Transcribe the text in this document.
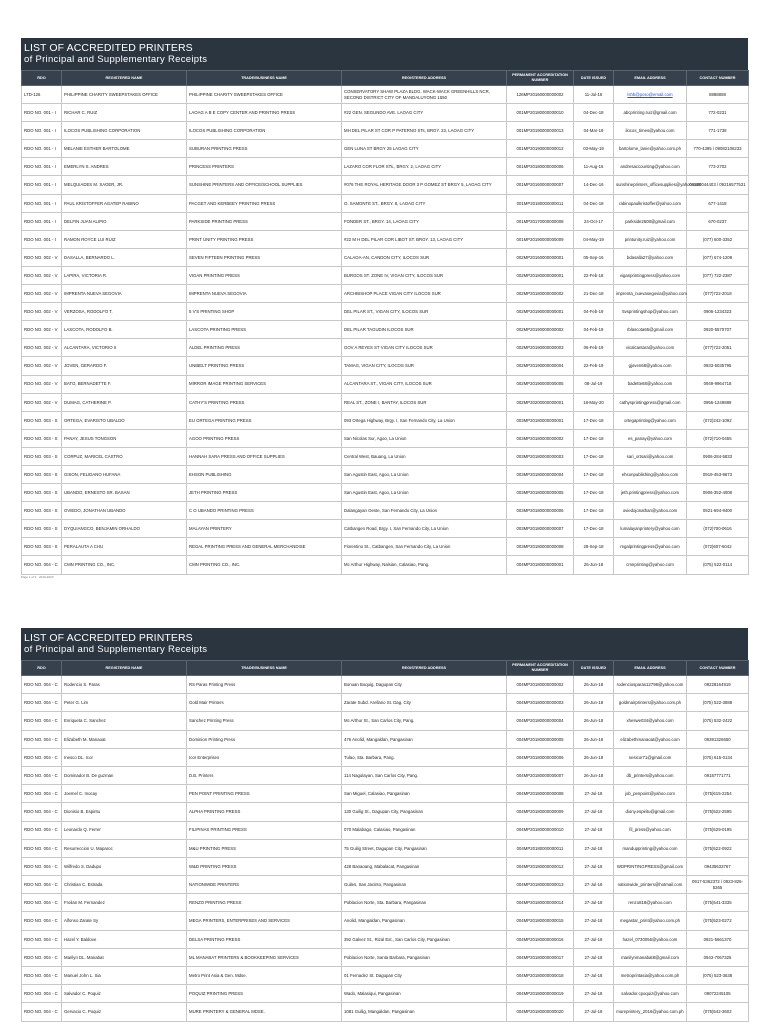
Page 1 of 3 · 2019-2020
LIST OF ACCREDITED PRINTERS
of Principal and Supplementary Receipts
RDO	REGISTERED NAME	TRADE/BUSINESS NAME	REGISTERED ADDRESS	PERMANENT ACCREDITATION NUMBER	DATE ISSUED	EMAIL ADDRESS	CONTACT NUMBER
LTD-126	PHILIPPINE CHARITY SWEEPSTAKES OFFICE	PHILIPPINE CHARITY SWEEPSTAKES OFFICE	CONSERVATORY SHAW PLAZA BLDG. WACK-WACK GREENHILLS NCR, SECOND DISTRICT CITY OF MANDALUYONG 1550	126MP20160000000002	11-Jul-16	lshb@pcso@email.com	8888888
RDO NO. 001 - I	RICHAR C. RUIZ	LAOAG A B E COPY CENTER AND PRINTING PRESS	#22 GEN. SEGUNDO AVE. LAOAG CITY	001MP20180000000010	04-Dec-18	abcprinting.ruiz@gmail.com	772-0231
RDO NO. 001 - I	ILOCOS PUBLISHING CORPORATION	ILOCOS PUBLISHING CORPORATION	MH DEL PILAR ST COR P PATERNO STs, BRGY. 23, LAOAG CITY	001MP20190000000013	04-Mar-19	ilocos_times@yahoo.com	771-1738
RDO NO. 001 - I	MELANIE ESTHER BARTOLOME	SUBURAN PRINTING PRESS	GEN LUNA ST BRGY 25 LAOAG CITY	001MP20190000000012	03-May-19	bartolome_lanie@yahoo.com.ph	770-4395 / 09082106233
RDO NO. 001 - I	EMERLYN S. ANDRES	PRINCESS PRINTERS	LAZARO COR FLOR STs., BRGY. 2, LAOAG CITY	001MP20180000000006	11-Aug-16	andresaccounting@yahoo.com	773-2702
RDO NO. 001 - I	MELQUIADES M. SAGER, JR.	SUNSHINE PRINTERS AND OFFICE/SCHOOL SUPPLIES	#076 THE ROYAL HERITAGE DOOR 3 P GOMEZ ST BRGY 5, LAOAG CITY	001MP20160000000007	14-Dec-16	sunshineprinters_officesupplies@yahoo.com	09950044403 / 09216577531
RDO NO. 001 - I	PAUL KRISTOFFER AGATEP RABINO	PACGET AND KERBEEY PRINTING PRESS	O. SAMONTE ST., BRGY. 8, LAOAG CITY	001MP20180000000011	04-Dec-18	rabinopaulkristoffer@yahoo.com	677-1418
RDO NO. 001 - I	DELFIN JUAN ALIPIO	PARKSIDE PRINTING PRESS	FONDER ST., BRGY. 14, LAOAG CITY	001MP20170000000008	24-Oct-17	parkside2608@gmail.com	670-0237
RDO NO. 001 - I	RAMON ROYCE LUI RUIZ	PRINT UNITY PRINTING PRESS	#22 M H DEL PILAR COR LIBOT ST. BRGY. 13, LAOAG CITY	001MP20190000000009	04-May-19	printunity.ruiz@yahoo.com	(077) 600-3352
RDO NO. 002 - V	DASALLA, BERNARDO L.	SEVEN FIFTEEN PRINTING PRESS	CALAOA-AN, CANDON CITY, ILOCOS SUR	002MP20160000000001	05-Sep-16	bdasalla27@yahoo.com	(077) 674-1209
RDO NO. 002 - V	LAPIRA, VICTORIA R.	VIGAN PRINTING PRESS	BURGOS ST. ZONE IV, VIGAN CITY, ILOCOS SUR	002MP20180000000001	22-Feb-18	viganprintingpress@yahoo.com	(077) 722-2387
RDO NO. 002 - V	IMPRENTA NUEVA SEGOVIA	IMPRENTA NUEVA SEGOVIA	ARCHBISHOP PLACE VIGAN CITY ILOCOS SUR	002MP20180000000002	21-Dec-18	imprenta_nuevasegovia@yahoo.com	(077)722-2018
RDO NO. 002 - V	VERZOSA, RODOLFO T.	5 V'S PRINTING SHOP	DEL PILAR ST., VIGAN CITY, ILOCOS SUR	002MP20190000000001	04-Feb-19	5vsprintingshop@yahoo.com	0906-1234323
RDO NO. 002 - V	LASCOTA, RODOLFO B.	LASCOTA PRINTING PRESS	DEL PILAR TAGUDIN ILOCOS SUR	002MP20190000000002	04-Feb-19	rblascota65@gmail.com	0920-5570707
RDO NO. 002 - V	ALCANTARA, VICTORIO II	ALDEL PRINTING PRESS	GOV A REYES ST VIGAN CITY ILOCOS SUR	002MP20190000000003	06-Feb-19	vicalcantara@yahoo.com	(077)722-2051
RDO NO. 002 - V	JOVEN, GERARDO F.	UNIBELT PRINTING PRESS	TAMAG, VIGAN CITY, ILOCOS SUR	002MP20190000000004	22-Feb-19	gjoven68@yahoo.com	0933-5035795
RDO NO. 002 - V	BATO, BERNADETTE F.	MIRROR IMAGE PRINTING SERVICES	ALCANTARA ST., VIGAN CITY, ILOCOS SUR	002MP20190000000005	08-Jul-19	badette68@yahoo.com	0949-9964718
RDO NO. 002 - V	DUMAG, CATHERINE P.	CATHY'S PRINTING PRESS	REAL ST., ZONE I, BANTAY, ILOCOS SUR	002MP20200000000001	18-May-20	cathysprintingpress@gmail.com	0956-1249888
RDO NO. 003 - S	ORTEGA, EVARISTO UBALDO	EU ORTEGA PRINTING PRESS	093 Ortega Highway, Brgy. I, San Fernando City, La Union	003MP20180000000001	17-Dec-18	ortegaprinting@yahoo.com	(072)242-1092
RDO NO. 003 - S	PANAY, JESUS TONGSON	AGOO PRINTING PRESS	San Nicolas Sur, Agoo, La Union	003MP20180000000002	17-Dec-18	es_panay@yahoo.com	(072)710-0455
RDO NO. 003 - S	CORPUZ, MARICEL CASTRO	HANNAH SARA PRESS AND OFFICE SUPPLIES	Central West, Bauang, La Union	003MP20180000000003	17-Dec-18	sari_ortsari@yahoo.com	0906-284-5833
RDO NO. 003 - S	GISON, FELIDANO HUFANA	EHSON PUBLISHING	San Agustin East, Agoo, La Union	003MP20180000000004	17-Dec-18	ehsonpublishing@yahoo.com	0919-453-9673
RDO NO. 003 - S	UBANDO, ERNESTO SR. BASAN	JETH PRINTING PRESS	San Agustin East, Agoo, La Union	003MP20180000000005	17-Dec-18	jeth.printingpress@yahoo.com	0906-352-4008
RDO NO. 003 - S	OVIEDO, JONATHAN UBANDO	C O UBANDO PRINTING PRESS	Dalangayan Oeste, San Fernando City, La Union	003MP20180000000006	17-Dec-18	oviedojonathan@yahoo.com	0921-694-9400
RDO NO. 003 - S	DYQUIANGCO, BENJAMIN ORHALDO	MALAYAN PRINTERY	Catbangen Road, Brgy. I, San Fernando City, La Union	003MP20180000000007	17-Dec-18	lumalayanprintery@yahoo.com	(072)700-0616
RDO NO. 003 - S	PERALAUTA A CHU	REGAL PRINTING PRESS AND GENERAL MERCHANDISE	Florentino St., Catbangen, San Fernando City, La Union	003MP20180000000008	28-Sep-18	regalprintingpress@yahoo.com	(072)607-6042
RDO NO. 004 - C	CMN PRINTING CO., INC.	CMN PRINTING CO., INC.	Mc Arthur Highway, Nalsian, Calasiao, Pang.	004MP20180000000001	26-Jun-18	cmnprinting@yahoo.com	(075) 522-0114
LIST OF ACCREDITED PRINTERS
of Principal and Supplementary Receipts
RDO	REGISTERED NAME	TRADE/BUSINESS NAME	REGISTERED ADDRESS	PERMANENT ACCREDITATION NUMBER	DATE ISSUED	EMAIL ADDRESS	CONTACT NUMBER
RDO NO. 004 - C	Rodencio S. Paras	RS Paras Printing Press	Bonuan Boquig, Dagupan City	004MP20180000000002	26-Jun-18	rodenciosparas12798@yahoo.com	09228164919
RDO NO. 004 - C	Peter G. Lim	Gold Mair Printers	Zarate Subd. Arellano St. Dag. City	004MP20180000000003	26-Jun-18	goldmairprinters@yahoo.com.ph	(075) 522-3888
RDO NO. 004 - C	Enriqueta C. Sanchez	Sanchez Printing Press	Mc Arthur St., San Carlos City, Pang.	004MP20180000000004	26-Jun-18	xheswe034@yahoo.com	(075) 532-2422
RDO NO. 004 - C	Elizabeth M. Manaoat	Dominion Printing Press	476 Anolid, Mangaldan, Pangasinan	004MP20180000000005	26-Jun-18	elizabethmanaoat@yahoo.com	09391326650
RDO NO. 004 - C	Inesco DL. Icor	Icor Enterprises	Tulao, Sta. Barbara, Pang.	004MP20180000000006	26-Jun-18	nesicor71@gmail.com	(075) 615-0134
RDO NO. 004 - C	Dominador B. De guzman	D.B. Printers	114 Nagulayan, San Carlos City, Pang.	004MP20180000000007	26-Jun-18	db_printers@yahoo.com	09187771771
RDO NO. 004 - C	Joemel C. Inocay	PEN POINT PRINTING PRESS	San Miguel, Calasiao, Pangasinan	004MP20180000000008	27-Jul-18	job_penpoint@yahoo.com	(075)615-2254
RDO NO. 004 - C	Dionisio B. Espiritu	ALPHA PRINTING PRESS	130 Guilig St., Dagupan City, Pangasinan	004MP20180000000009	27-Jul-18	diony.espiritu@gmail.com	(075)522-2595
RDO NO. 004 - C	Leonardo Q. Ferrer	FILIPINAS PRINTING PRESS	070 Malabago, Calasiao, Pangasinan	004MP20180000000010	27-Jul-18	fil_press@yahoo.com	(075)529-0195
RDO NO. 004 - C	Resurreccion U. Maparoc	M&U PRINTING PRESS	75 Guilig Street, Dagupan City, Pangasinan	004MP20180000000011	27-Jul-18	mandupprinting@yahoo.com	(075)522-0922
RDO NO. 004 - C	Wilfredo S. Dadupo	W&D PRINTING PRESS	428 Banaoang, Mabalacat, Pangasinan	004MP20180000000012	27-Jul-18	WDPRINTINGPRESS@gmail.com	09435633767
RDO NO. 004 - C	Christian C. Estrada	NATIONWIDE PRINTERS	Guiles, San Jacinto, Pangasinan	004MP20180000000013	27-Jul-18	nationwide_printers@hotmail.com	0917-5362372 / 0923-826-5265
RDO NO. 004 - C	Froilan M. Fernandez	RENZO PRINTING PRESS	Poblacion Norte, Sta. Barbara, Pangasinan	004MP20180000000014	27-Jul-18	renzo818@yahoo.com	(075)541-3335
RDO NO. 004 - C	Alfonso Zarate Sy	MEGA PRINTERS, ENTERPRISES AND SERVICES	Anolid, Mangaldan, Pangasinan	004MP20180000000015	27-Jul-18	megastar_print@yahoo.com.ph	(075)523-0272
RDO NO. 004 - C	Hazel Y. Baldove	DELSA PRINTING PRESS	392 Galvez St., Rizal Ext., San Carlos City, Pangasinan	004MP20180000000016	27-Jul-18	hazel_0730056@yahoo.com	0921-5661370
RDO NO. 004 - C	Marilyn DL. Manabat	ML MANABAT PRINTERS & BOOKKEEPING SERVICES	Poblacion Norte, Santa Barbara, Pangasinan	004MP20180000000017	27-Jul-18	manilynmanabat8@gmail.com	0943-7067325
RDO NO. 004 - C	Manuel John L. Sia	Metro Print Asia & Gen. Mdse.	01 Fernadez St. Dagupan City	004MP20180000000018	27-Jul-18	metroprintasia@yahoo.com.ph	(075) 523-3638
RDO NO. 004 - C	Salvador C. Poquiz	POQUIZ PRINTING PRESS	Wado, Malasiqui, Pangasinan	004MP20180000000019	27-Jul-18	salvador.cpoquiz@yahoo.com	09072245105
RDO NO. 004 - C	Gervacio C. Poquiz	MURE PRINTERY & GENERAL MDSE.	1081 Guilig, Mangaldan, Pangasinan	004MP20180000000020	27-Jul-18	mureprintery_2016@yahoo.com.ph	(075)542-3602
